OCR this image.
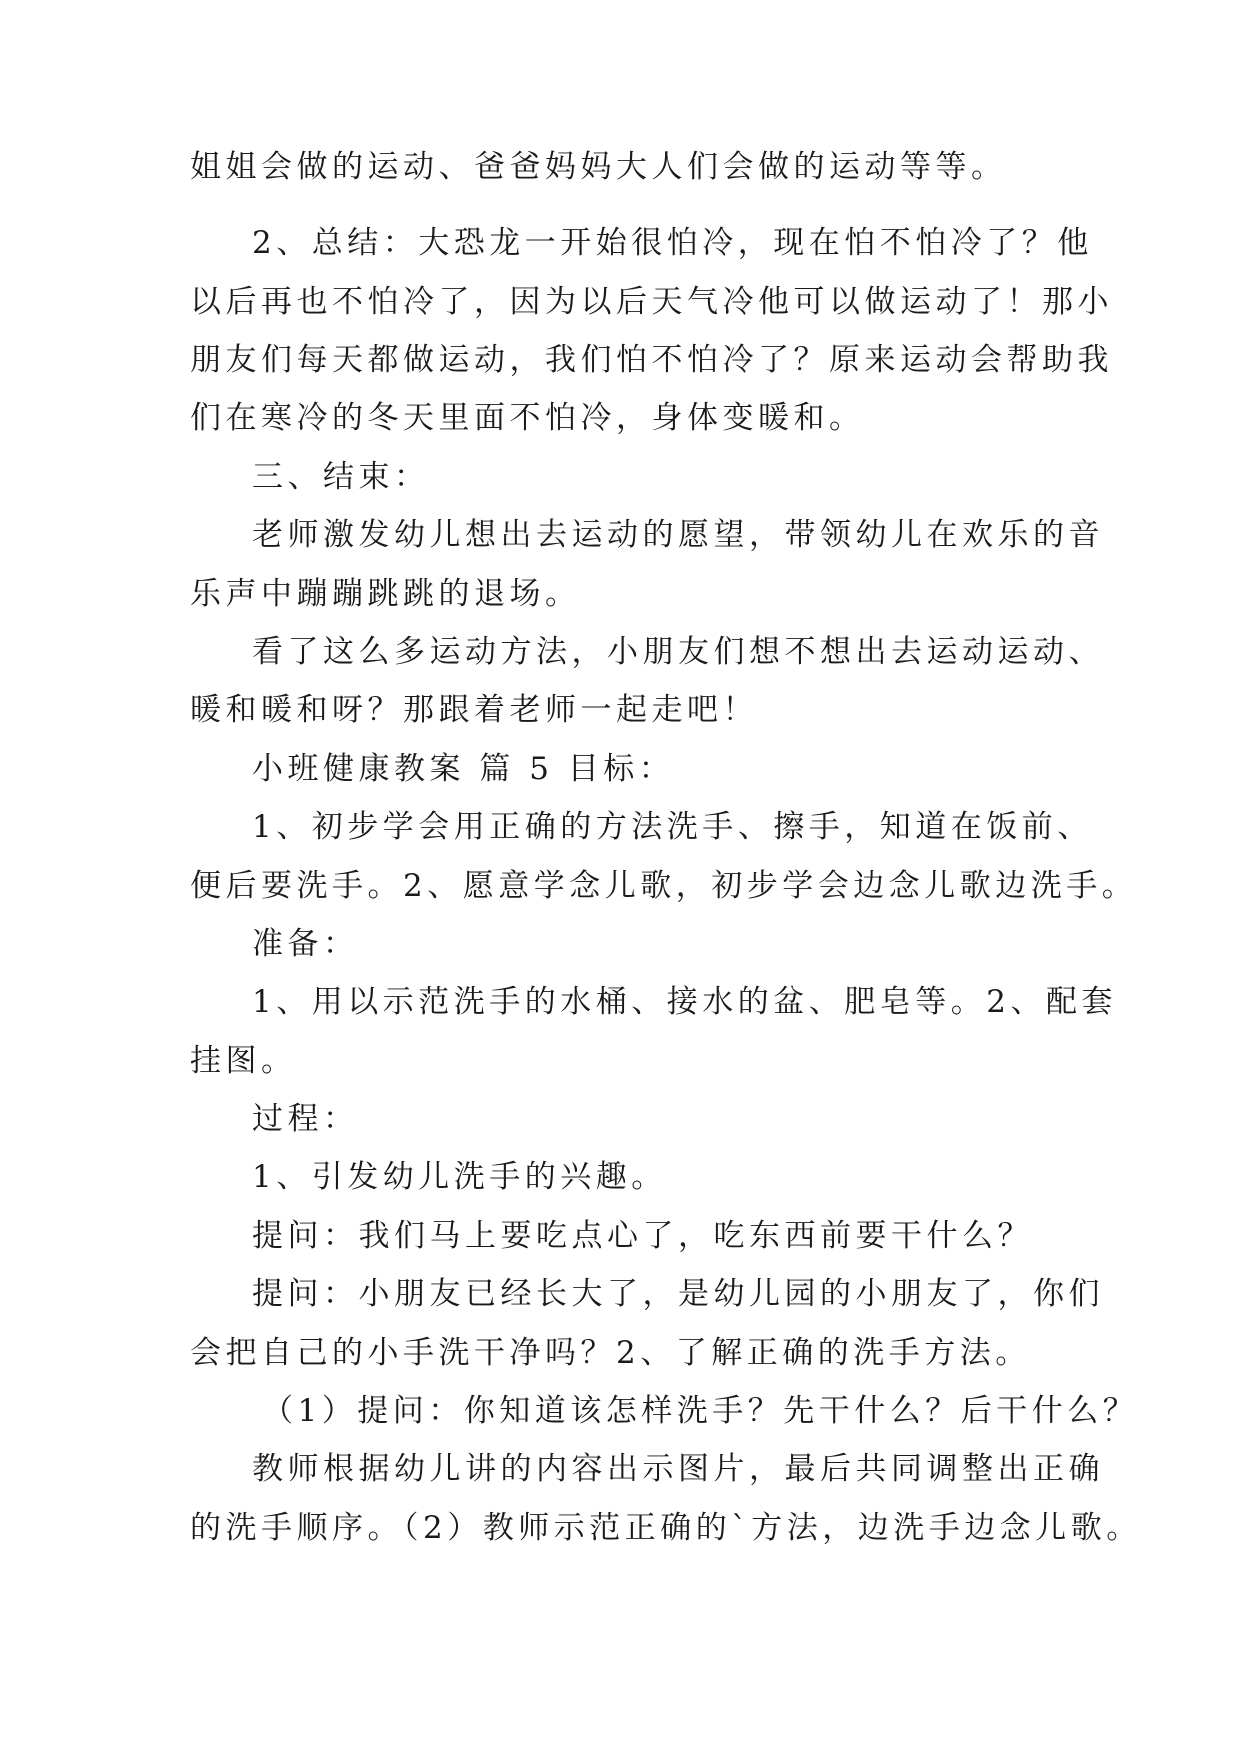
姐姐会做的运动、爸爸妈妈大人们会做的运动等等。
2、总结：大恐龙一开始很怕冷，现在怕不怕冷了？他
以后再也不怕冷了，因为以后天气冷他可以做运动了！那小
朋友们每天都做运动，我们怕不怕冷了？原来运动会帮助我
们在寒冷的冬天里面不怕冷，身体变暖和。
三、结束：
老师激发幼儿想出去运动的愿望，带领幼儿在欢乐的音
乐声中蹦蹦跳跳的退场。
看了这么多运动方法，小朋友们想不想出去运动运动、
暖和暖和呀？那跟着老师一起走吧！
小班健康教案 篇 5 目标：
1、初步学会用正确的方法洗手、擦手，知道在饭前、
便后要洗手。2、愿意学念儿歌，初步学会边念儿歌边洗手。
准备：
1、用以示范洗手的水桶、接水的盆、肥皂等。2、配套
挂图。
过程：
1、引发幼儿洗手的兴趣。
提问：我们马上要吃点心了，吃东西前要干什么？
提问：小朋友已经长大了，是幼儿园的小朋友了，你们
会把自己的小手洗干净吗？2、了解正确的洗手方法。
（1）提问：你知道该怎样洗手？先干什么？后干什么？
教师根据幼儿讲的内容出示图片，最后共同调整出正确
的洗手顺序。（2）教师示范正确的`方法，边洗手边念儿歌。
